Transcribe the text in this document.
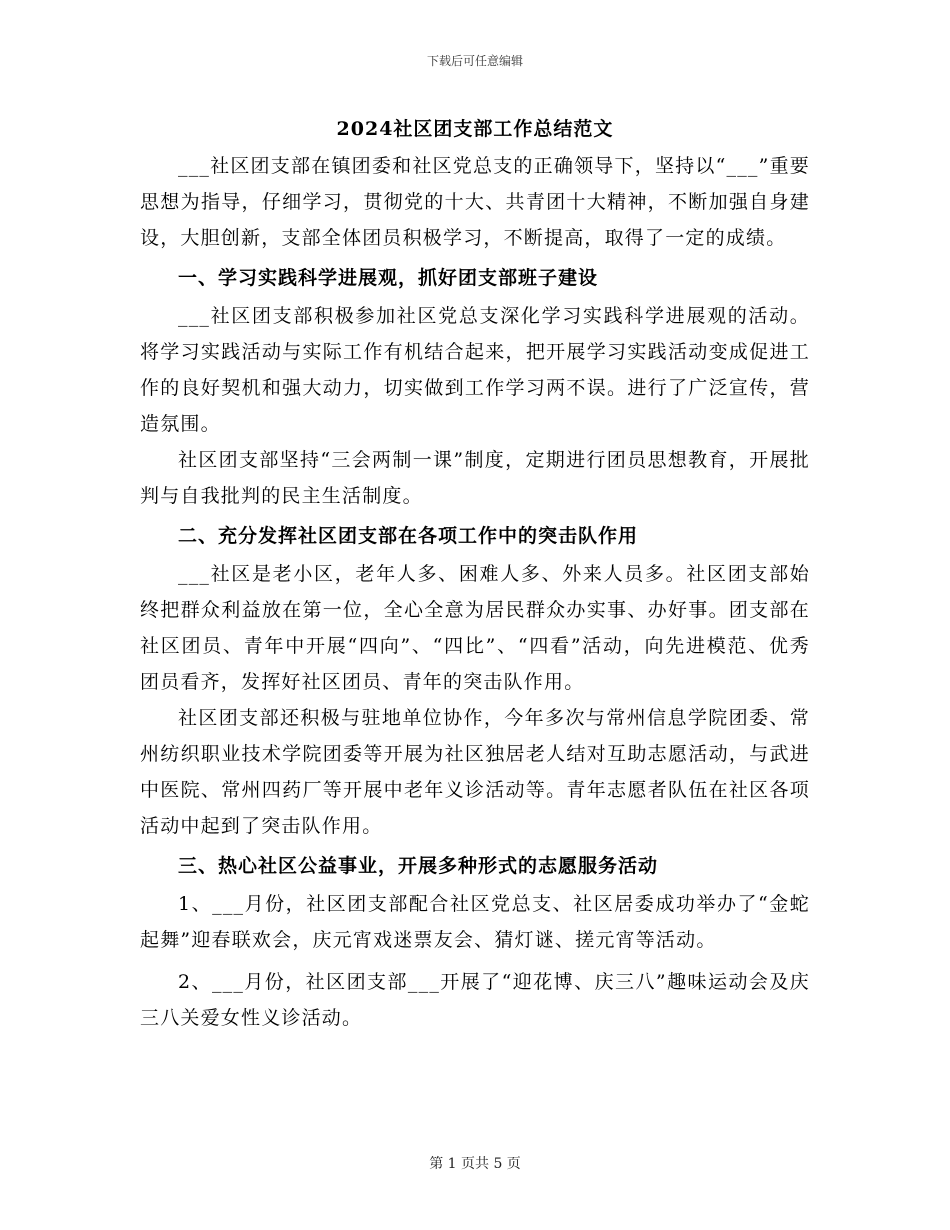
下载后可任意编辑
2024社区团支部工作总结范文

___社区团支部在镇团委和社区党总支的正确领导下，坚持以“___”重要思想为指导，仔细学习，贯彻党的十大、共青团十大精神，不断加强自身建设，大胆创新，支部全体团员积极学习，不断提高，取得了一定的成绩。

一、学习实践科学进展观，抓好团支部班子建设

___社区团支部积极参加社区党总支深化学习实践科学进展观的活动。将学习实践活动与实际工作有机结合起来，把开展学习实践活动变成促进工作的良好契机和强大动力，切实做到工作学习两不误。进行了广泛宣传，营造氛围。

社区团支部坚持“三会两制一课”制度，定期进行团员思想教育，开展批判与自我批判的民主生活制度。

二、充分发挥社区团支部在各项工作中的突击队作用

___社区是老小区，老年人多、困难人多、外来人员多。社区团支部始终把群众利益放在第一位，全心全意为居民群众办实事、办好事。团支部在社区团员、青年中开展“四向”、“四比”、“四看”活动，向先进模范、优秀团员看齐，发挥好社区团员、青年的突击队作用。

社区团支部还积极与驻地单位协作，今年多次与常州信息学院团委、常州纺织职业技术学院团委等开展为社区独居老人结对互助志愿活动，与武进中医院、常州四药厂等开展中老年义诊活动等。青年志愿者队伍在社区各项活动中起到了突击队作用。

三、热心社区公益事业，开展多种形式的志愿服务活动

1、___月份，社区团支部配合社区党总支、社区居委成功举办了“金蛇起舞”迎春联欢会，庆元宵戏迷票友会、猜灯谜、搓元宵等活动。

2、___月份，社区团支部___开展了“迎花博、庆三八”趣味运动会及庆三八关爱女性义诊活动。

第 1 页共 5 页
